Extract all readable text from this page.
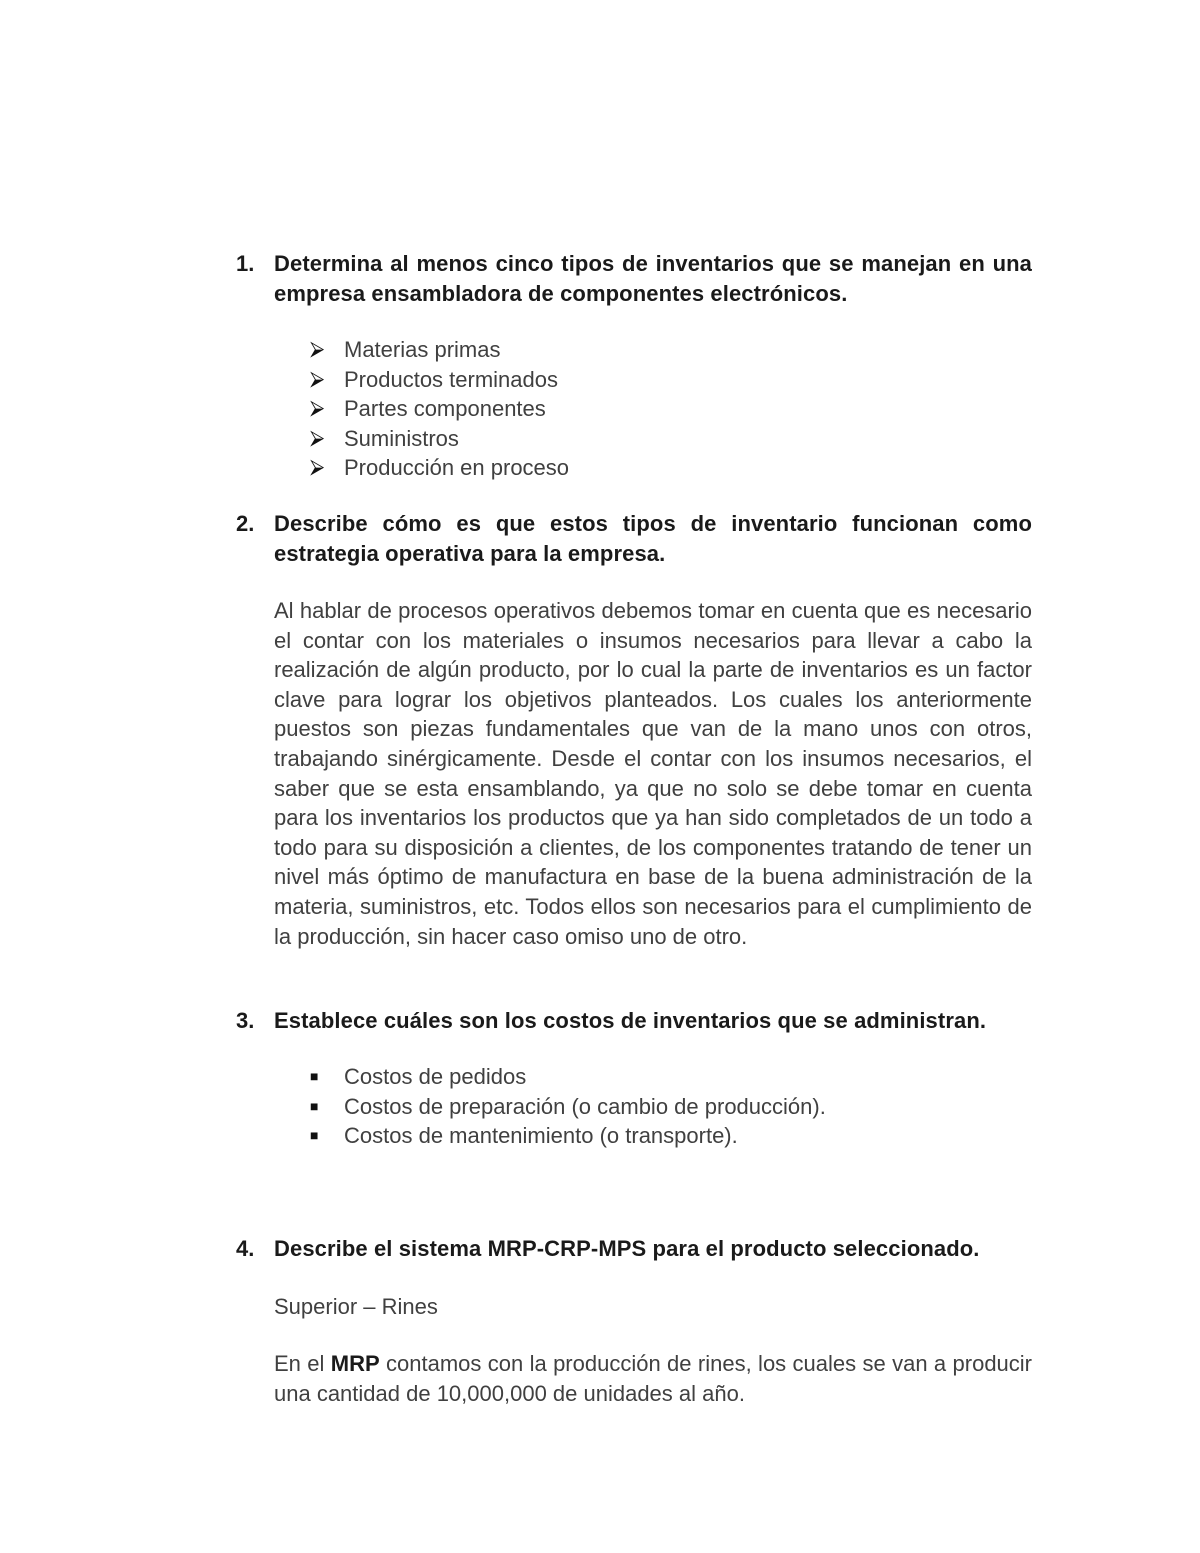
1. Determina al menos cinco tipos de inventarios que se manejan en una empresa ensambladora de componentes electrónicos.
⮚ Materias primas
⮚ Productos terminados
⮚ Partes componentes
⮚ Suministros
⮚ Producción en proceso
2. Describe cómo es que estos tipos de inventario funcionan como estrategia operativa para la empresa.

Al hablar de procesos operativos debemos tomar en cuenta que es necesario el contar con los materiales o insumos necesarios para llevar a cabo la realización de algún producto, por lo cual la parte de inventarios es un factor clave para lograr los objetivos planteados. Los cuales los anteriormente puestos son piezas fundamentales que van de la mano unos con otros, trabajando sinérgicamente. Desde el contar con los insumos necesarios, el saber que se esta ensamblando, ya que no solo se debe tomar en cuenta para los inventarios los productos que ya han sido completados de un todo a todo para su disposición a clientes, de los componentes tratando de tener un nivel más óptimo de manufactura en base de la buena administración de la materia, suministros, etc. Todos ellos son necesarios para el cumplimiento de la producción, sin hacer caso omiso uno de otro.

3. Establece cuáles son los costos de inventarios que se administran.
■ Costos de pedidos
■ Costos de preparación (o cambio de producción).
■ Costos de mantenimiento (o transporte).
4. Describe el sistema MRP-CRP-MPS para el producto seleccionado.
Superior – Rines

En el MRP contamos con la producción de rines, los cuales se van a producir una cantidad de 10,000,000 de unidades al año.
